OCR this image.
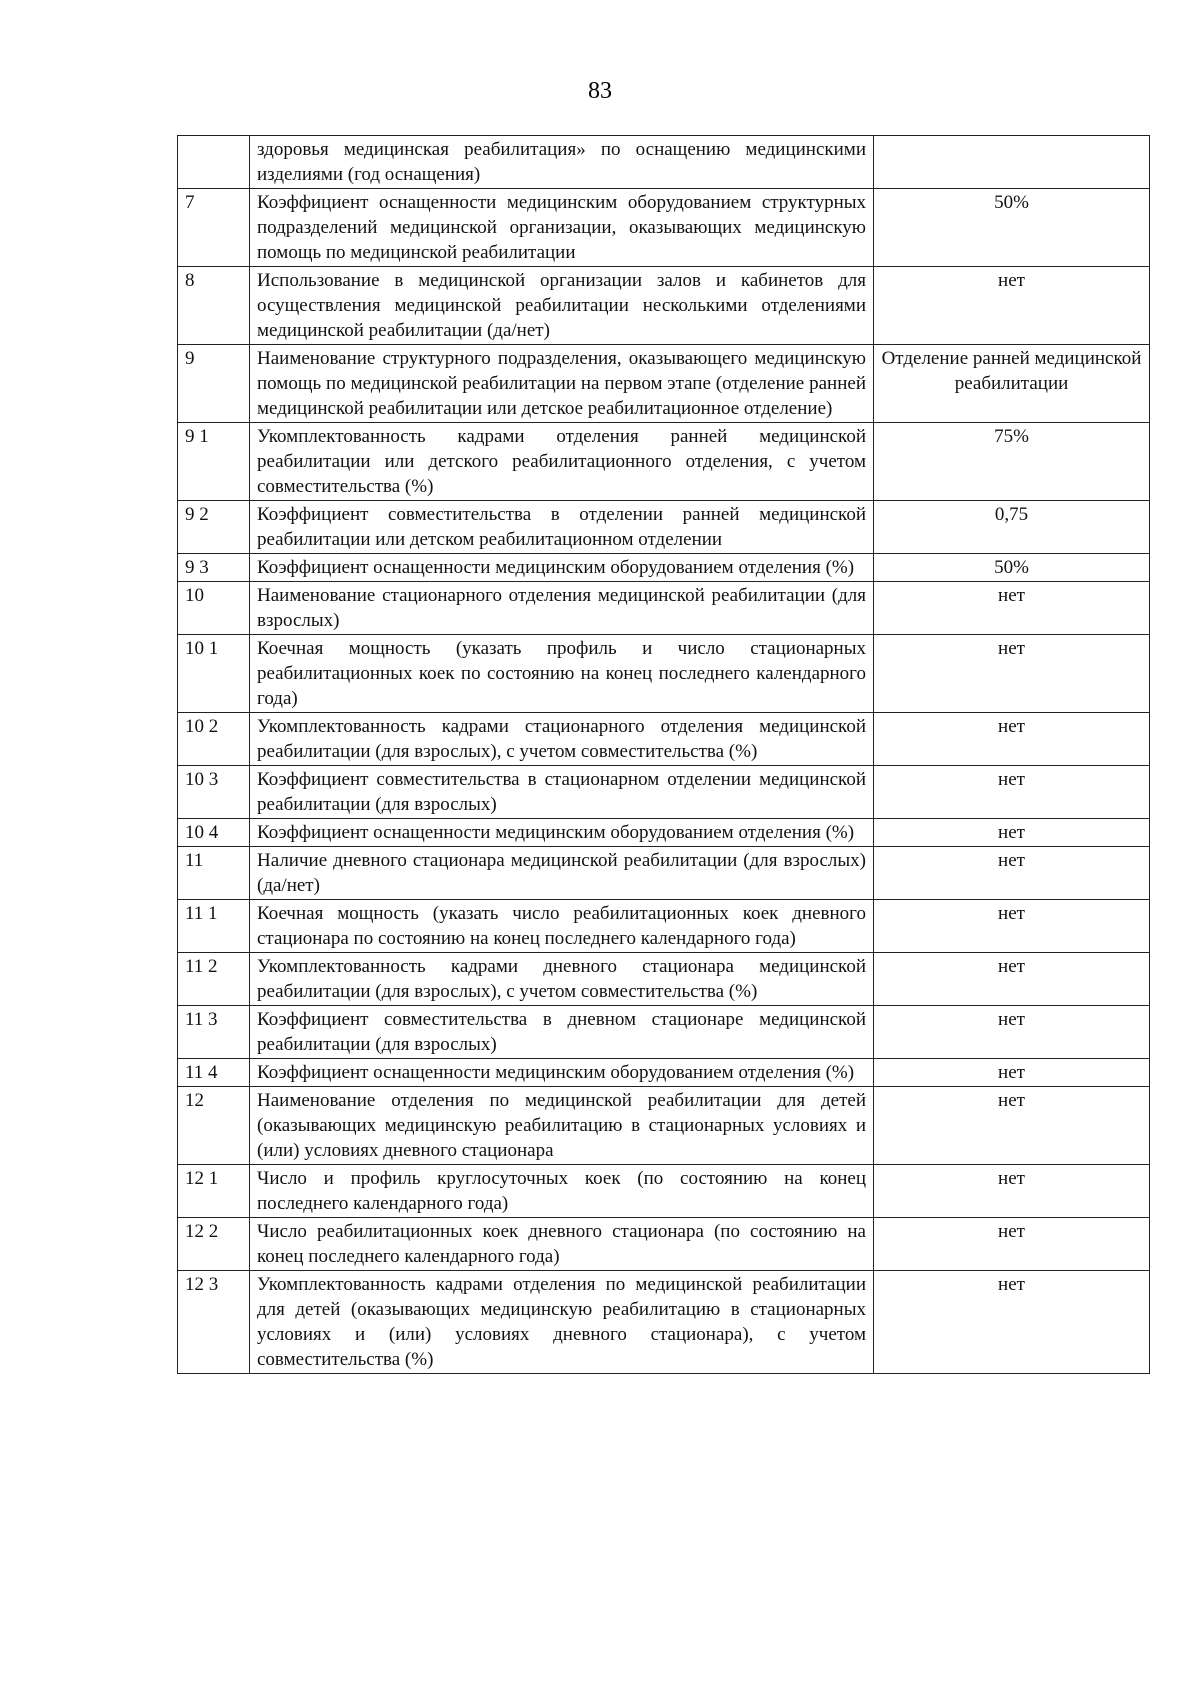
83
	здоровья медицинская реабилитация» по оснащению медицинскими изделиями (год оснащения)	
7	Коэффициент оснащенности медицинским оборудованием структурных подразделений медицинской организации, оказывающих медицинскую помощь по медицинской реабилитации	50%
8	Использование в медицинской организации залов и кабинетов для осуществления медицинской реабилитации несколькими отделениями медицинской реабилитации (да/нет)	нет
9	Наименование структурного подразделения, оказывающего медицинскую помощь по медицинской реабилитации на первом этапе (отделение ранней медицинской реабилитации или детское реабилитационное отделение)	Отделение ранней медицинской реабилитации
9 1	Укомплектованность кадрами отделения ранней медицинской реабилитации или детского реабилитационного отделения, с учетом совместительства (%)	75%
9 2	Коэффициент совместительства в отделении ранней медицинской реабилитации или детском реабилитационном отделении	0,75
9 3	Коэффициент оснащенности медицинским оборудованием отделения (%)	50%
10	Наименование стационарного отделения медицинской реабилитации (для взрослых)	нет
10 1	Коечная мощность (указать профиль и число стационарных реабилитационных коек по состоянию на конец последнего календарного года)	нет
10 2	Укомплектованность кадрами стационарного отделения медицинской реабилитации (для взрослых), с учетом совместительства (%)	нет
10 3	Коэффициент совместительства в стационарном отделении медицинской реабилитации (для взрослых)	нет
10 4	Коэффициент оснащенности медицинским оборудованием отделения (%)	нет
11	Наличие дневного стационара медицинской реабилитации (для взрослых) (да/нет)	нет
11 1	Коечная мощность (указать число реабилитационных коек дневного стационара по состоянию на конец последнего календарного года)	нет
11 2	Укомплектованность кадрами дневного стационара медицинской реабилитации (для взрослых), с учетом совместительства (%)	нет
11 3	Коэффициент совместительства в дневном стационаре медицинской реабилитации (для взрослых)	нет
11 4	Коэффициент оснащенности медицинским оборудованием отделения (%)	нет
12	Наименование отделения по медицинской реабилитации для детей (оказывающих медицинскую реабилитацию в стационарных условиях и (или) условиях дневного стационара	нет
12 1	Число и профиль круглосуточных коек (по состоянию на конец последнего календарного года)	нет
12 2	Число реабилитационных коек дневного стационара (по состоянию на конец последнего календарного года)	нет
12 3	Укомплектованность кадрами отделения по медицинской реабилитации для детей (оказывающих медицинскую реабилитацию в стационарных условиях и (или) условиях дневного стационара), с учетом совместительства (%)	нет
